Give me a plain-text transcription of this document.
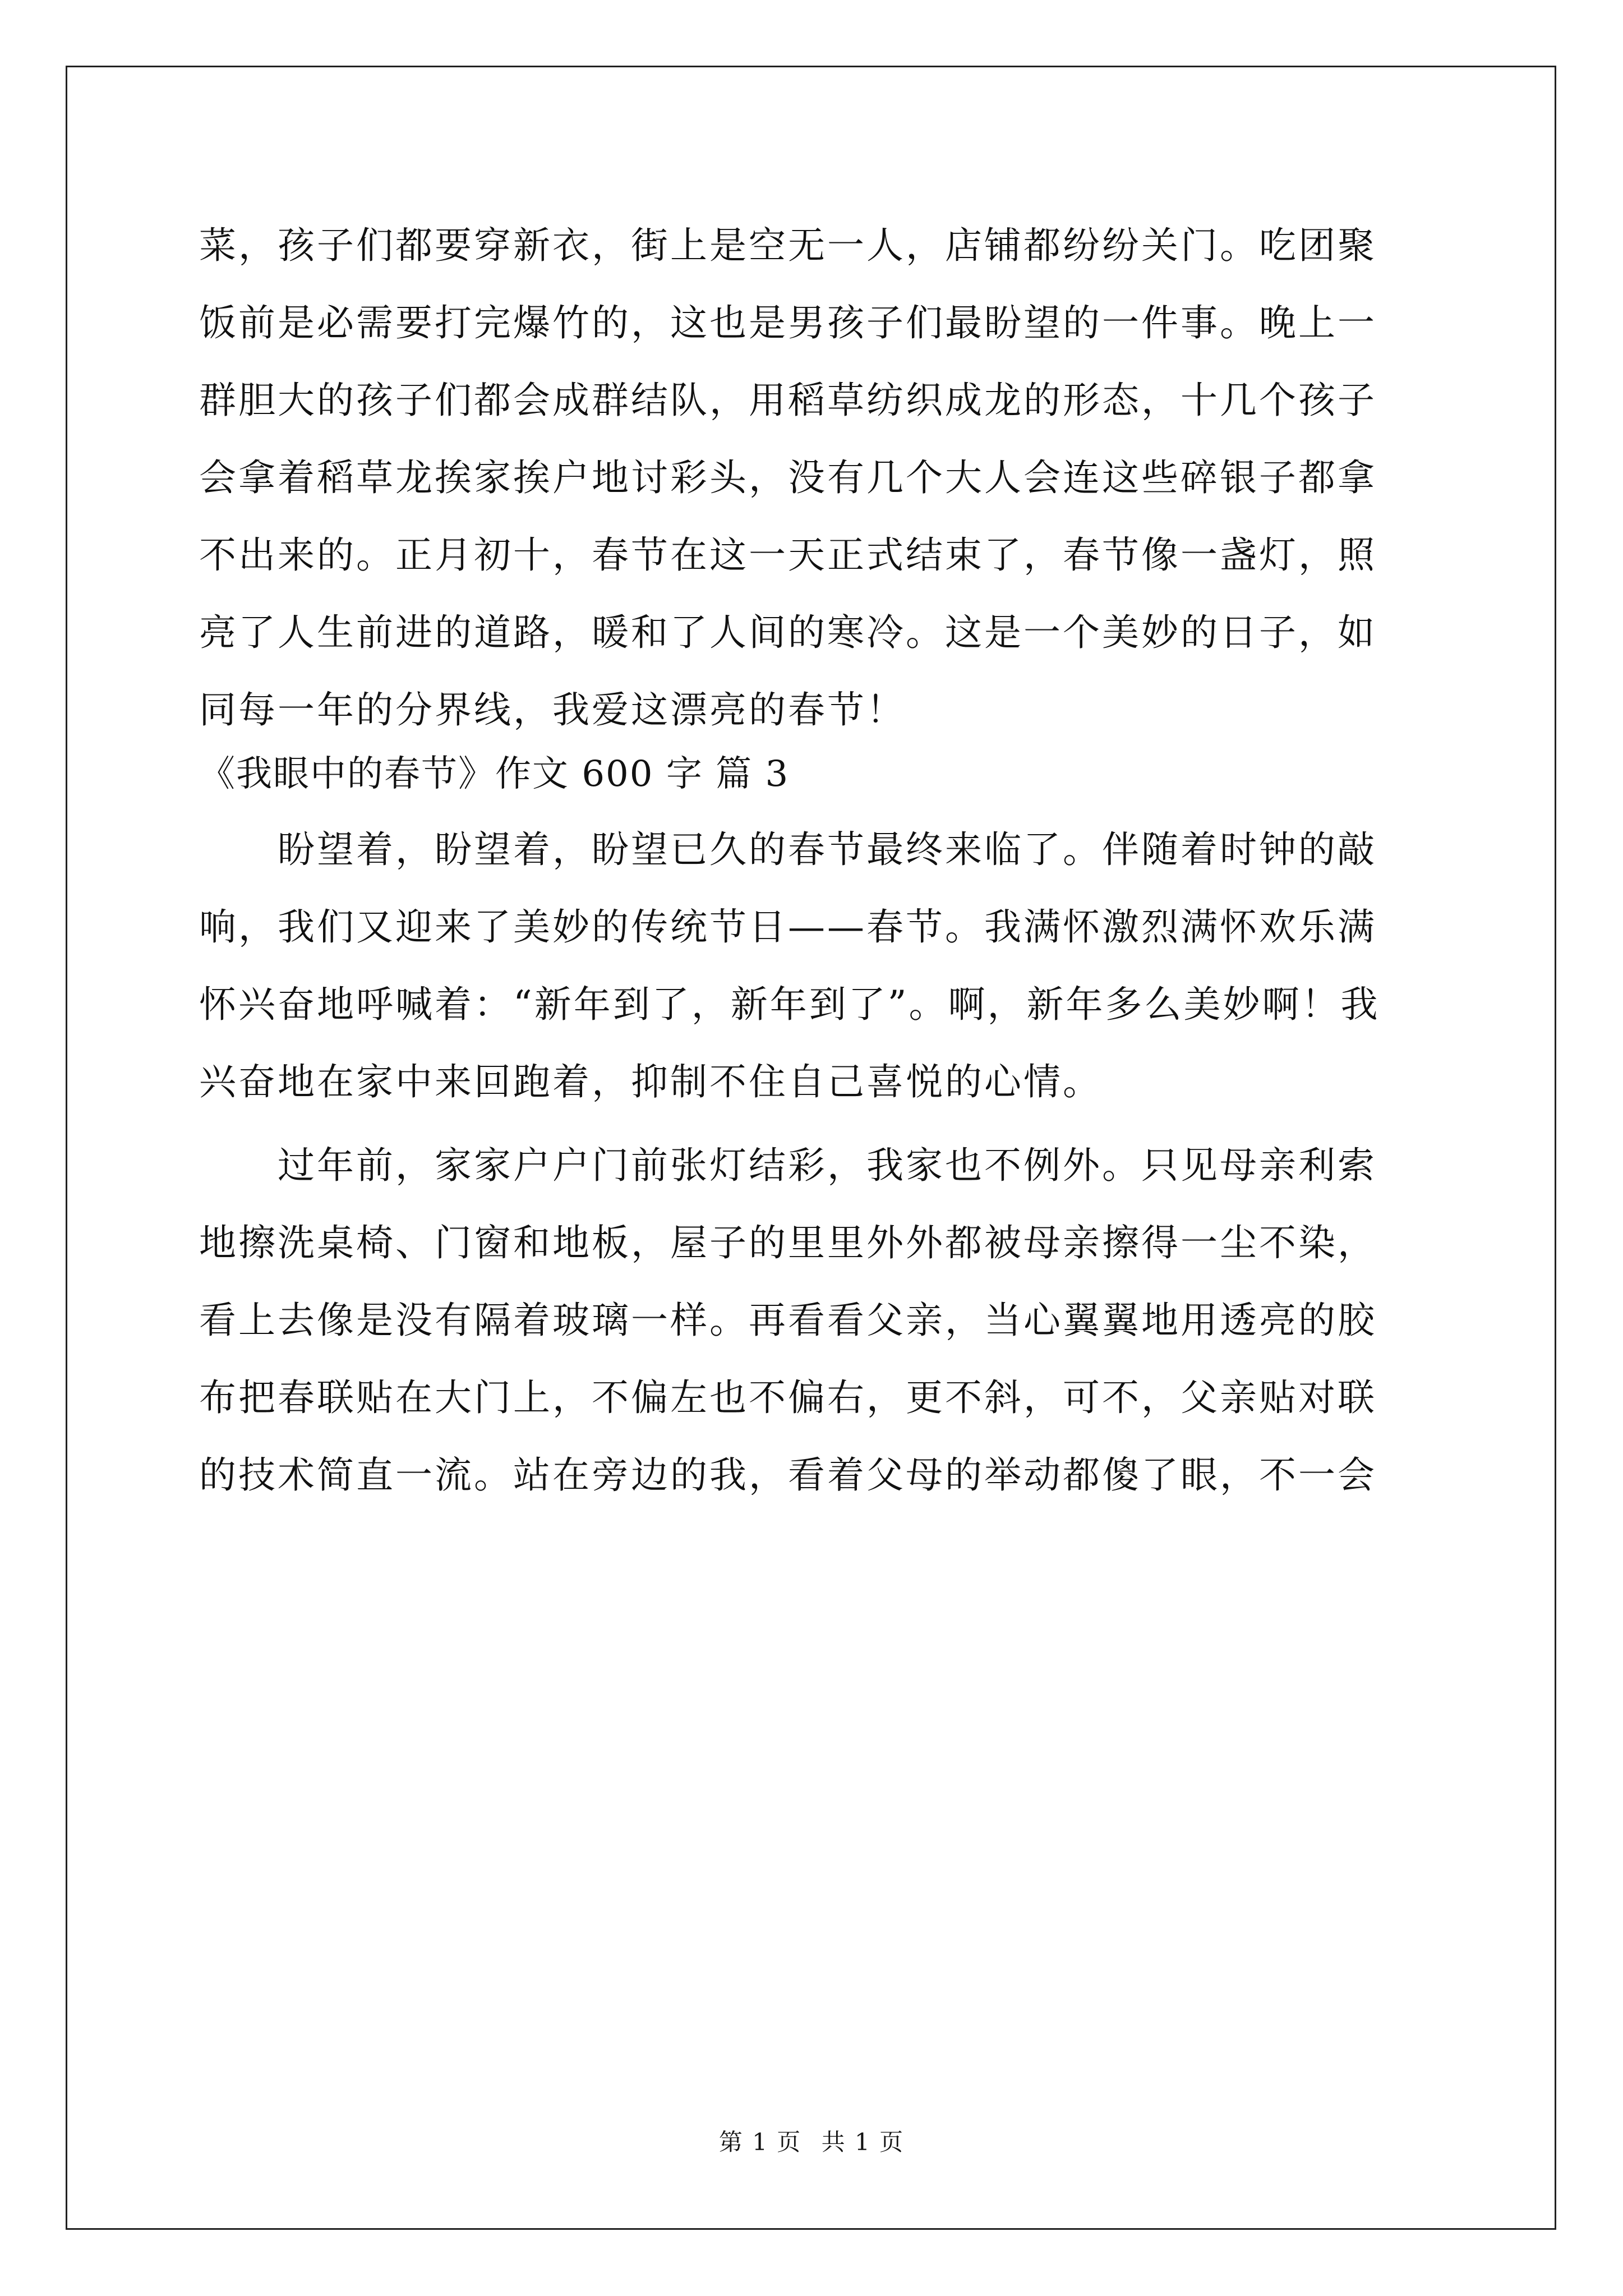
菜，孩子们都要穿新衣，街上是空无一人，店铺都纷纷关门。吃团聚
饭前是必需要打完爆竹的，这也是男孩子们最盼望的一件事。晚上一
群胆大的孩子们都会成群结队，用稻草纺织成龙的形态，十几个孩子
会拿着稻草龙挨家挨户地讨彩头，没有几个大人会连这些碎银子都拿
不出来的。正月初十，春节在这一天正式结束了，春节像一盏灯，照
亮了人生前进的道路，暖和了人间的寒冷。这是一个美妙的日子，如
同每一年的分界线，我爱这漂亮的春节！
《我眼中的春节》作文 600 字 篇 3
　　盼望着，盼望着，盼望已久的春节最终来临了。伴随着时钟的敲
响，我们又迎来了美妙的传统节日——春节。我满怀激烈满怀欢乐满
怀兴奋地呼喊着：“新年到了，新年到了”。啊，新年多么美妙啊！我
兴奋地在家中来回跑着，抑制不住自己喜悦的心情。
　　过年前，家家户户门前张灯结彩，我家也不例外。只见母亲利索
地擦洗桌椅、门窗和地板，屋子的里里外外都被母亲擦得一尘不染，
看上去像是没有隔着玻璃一样。再看看父亲，当心翼翼地用透亮的胶
布把春联贴在大门上，不偏左也不偏右，更不斜，可不，父亲贴对联
的技术简直一流。站在旁边的我，看着父母的举动都傻了眼，不一会
第 1 页 共 1 页
